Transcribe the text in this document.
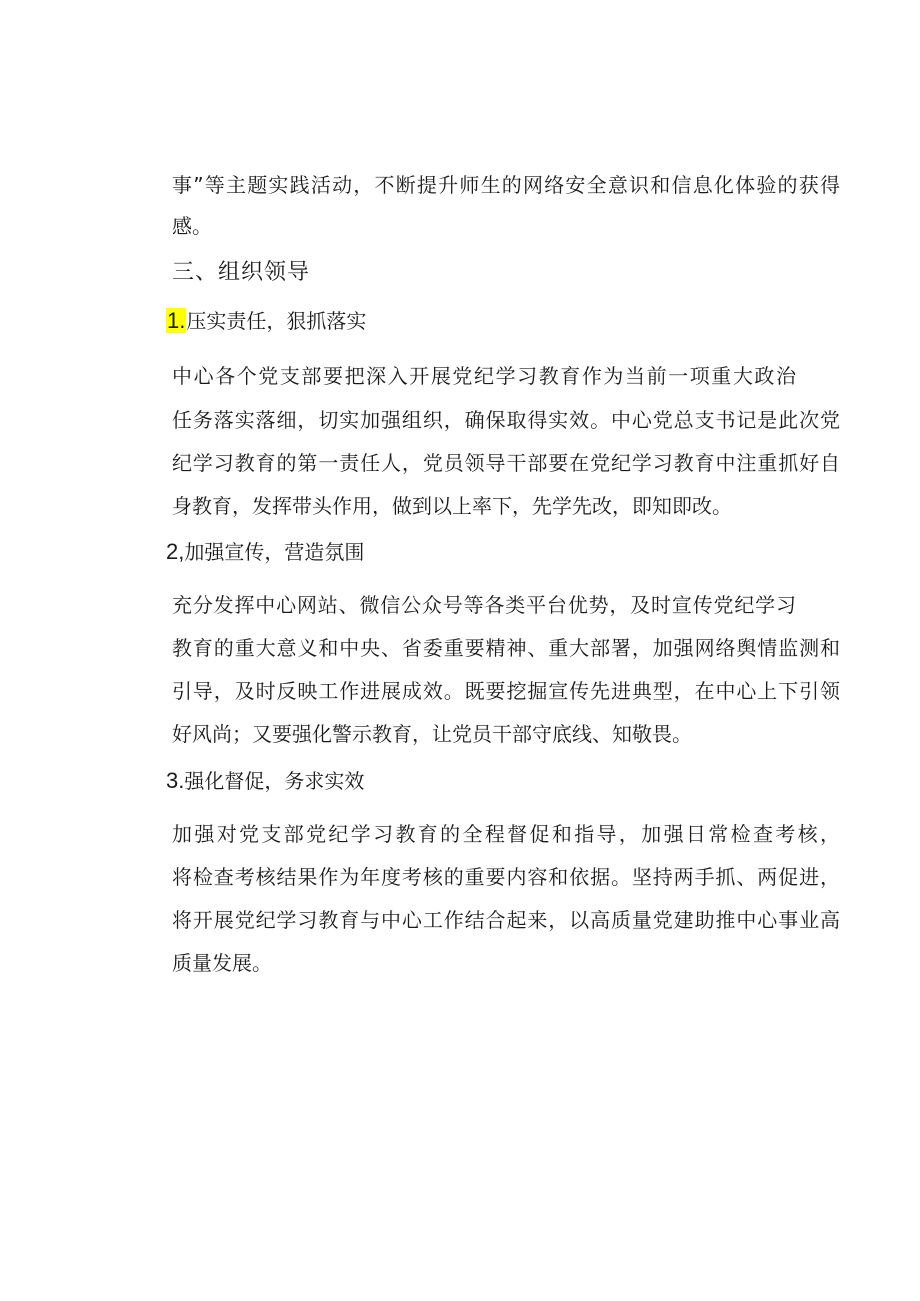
事”等主题实践活动，不断提升师生的网络安全意识和信息化体验的获得
感。
三、组织领导
1.压实责任，狠抓落实
中心各个党支部要把深入开展党纪学习教育作为当前一项重大政治
任务落实落细，切实加强组织，确保取得实效。中心党总支书记是此次党
纪学习教育的第一责任人，党员领导干部要在党纪学习教育中注重抓好自
身教育，发挥带头作用，做到以上率下，先学先改，即知即改。
2,加强宣传，营造氛围
充分发挥中心网站、微信公众号等各类平台优势，及时宣传党纪学习
教育的重大意义和中央、省委重要精神、重大部署，加强网络舆情监测和
引导，及时反映工作进展成效。既要挖掘宣传先进典型，在中心上下引领
好风尚；又要强化警示教育，让党员干部守底线、知敬畏。
3.强化督促，务求实效
加强对党支部党纪学习教育的全程督促和指导，加强日常检查考核，
将检查考核结果作为年度考核的重要内容和依据。坚持两手抓、两促进，
将开展党纪学习教育与中心工作结合起来，以高质量党建助推中心事业高
质量发展。
